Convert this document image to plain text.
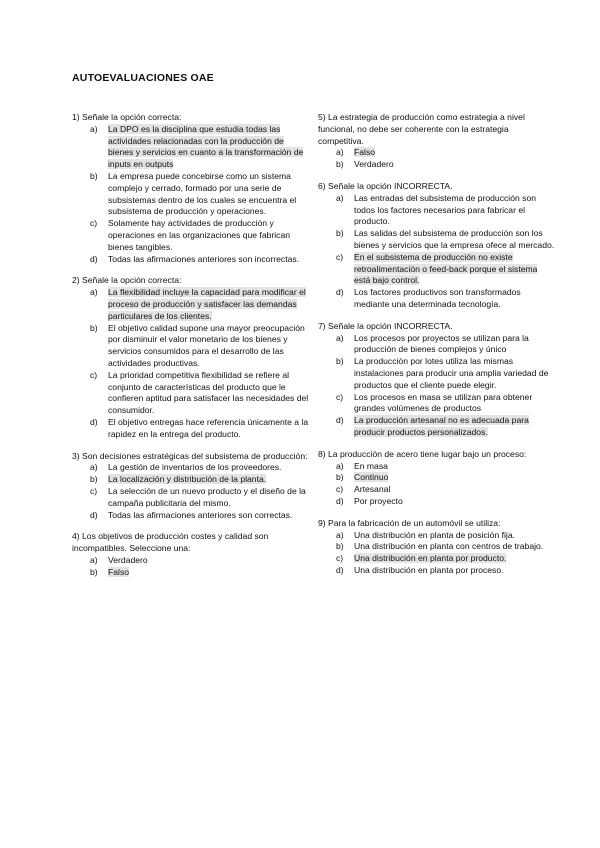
AUTOEVALUACIONES OAE

1) Señale la opción correcta:

a)	La DPO es la disciplina que estudia todas las actividades relacionadas con la producción de bienes y servicios en cuanto a la transformación de inputs en outputs
b)	La empresa puede concebirse como un sistema complejo y cerrado, formado por una serie de subsistemas dentro de los cuales se encuentra el subsistema de producción y operaciones.
c)	Solamente hay actividades de producción y operaciones en las organizaciones que fabrican bienes tangibles.
d)	Todas las afirmaciones anteriores son incorrectas.

2) Señale la opción correcta:

a)	La flexibilidad incluye la capacidad para modificar el proceso de producción y satisfacer las demandas particulares de los clientes.
b)	El objetivo calidad supone una mayor preocupación por disminuir el valor monetario de los bienes y servicios consumidos para el desarrollo de las actividades productivas.
c)	La prioridad competitiva flexibilidad se refiere al conjunto de características del producto que le confieren aptitud para satisfacer las necesidades del consumidor.
d)	El objetivo entregas hace referencia únicamente a la rapidez en la entrega del producto.

3) Son decisiones estratégicas del subsistema de producción:

a)	La gestión de inventarios de los proveedores.
b)	La localización y distribución de la planta.
c)	La selección de un nuevo producto y el diseño de la campaña publicitaria del mismo.
d)	Todas las afirmaciones anteriores son correctas.

4) Los objetivos de producción costes y calidad son incompatibles. Seleccione una:

a)	Verdadero
b)	Falso

5) La estrategia de producción como estrategia a nivel funcional, no debe ser coherente con la estrategia competitiva.

a)	Falso
b)	Verdadero

6) Señale la opción INCORRECTA.

a)	Las entradas del subsistema de producción son todos los factores necesarios para fabricar el producto.
b)	Las salidas del subsistema de producción son los bienes y servicios que la empresa ofece al mercado.
c)	En el subsistema de producción no existe retroalimentación o feed-back porque el sistema está bajo control.
d)	Los factores productivos son transformados mediante una determinada tecnología.

7) Señale la opción INCORRECTA.

a)	Los procesos por proyectos se utilizan para la producción de bienes complejos y único
b)	La producción por lotes utiliza las mismas instalaciones para producir una amplia variedad de productos que el cliente puede elegir.
c)	Los procesos en masa se utilizan para obtener grandes volúmenes de productos
d)	La producción artesanal no es adecuada para producir productos personalizados.

8) La producción de acero tiene lugar bajo un proceso:

a)	En masa
b)	Continuo
c)	Artesanal
d)	Por proyecto

9) Para la fabricación de un automóvil se utiliza:

a)	Una distribución en planta de posición fija.
b)	Una distribución en planta con centros de trabajo.
c)	Una distribución en planta por producto.
d)	Una distribución en planta por proceso.
